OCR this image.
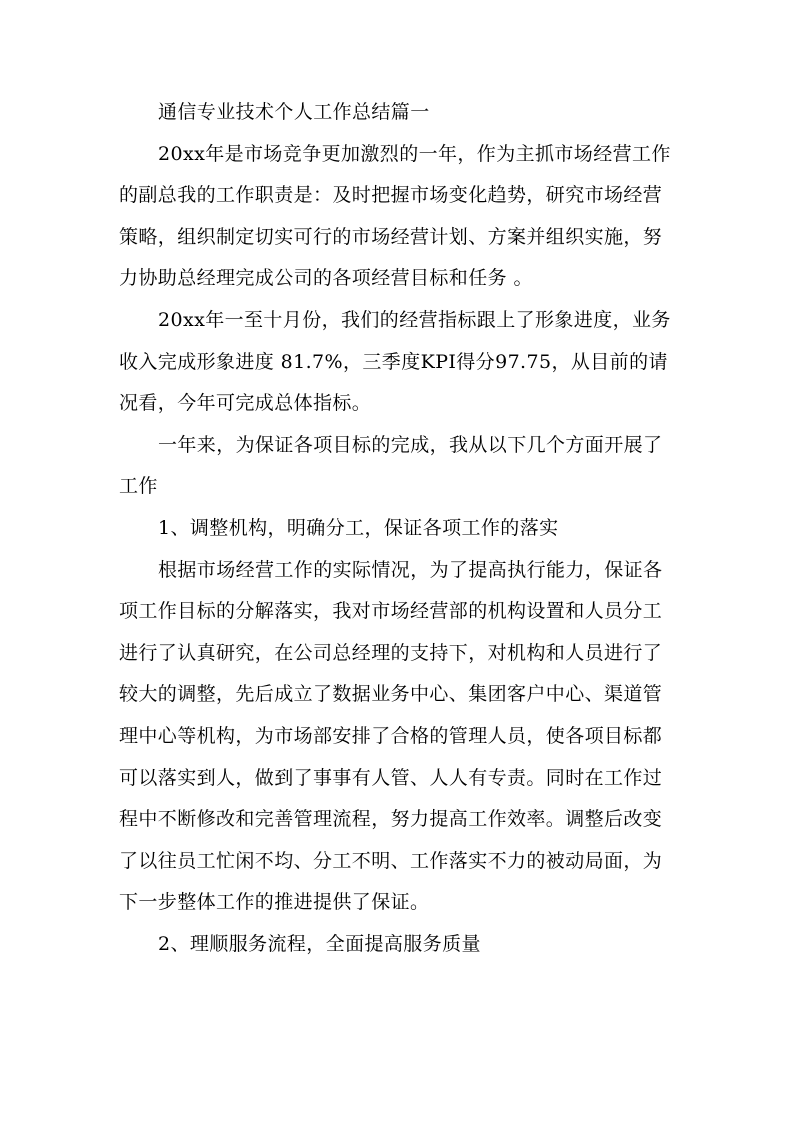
通信专业技术个人工作总结篇一

20xx年是市场竞争更加激烈的一年，作为主抓市场经营工作的副总我的工作职责是：及时把握市场变化趋势，研究市场经营策略，组织制定切实可行的市场经营计划、方案并组织实施，努力协助总经理完成公司的各项经营目标和任务 。

20xx年一至十月份，我们的经营指标跟上了形象进度，业务收入完成形象进度 81.7%，三季度KPI得分97.75，从目前的请况看，今年可完成总体指标。

一年来，为保证各项目标的完成，我从以下几个方面开展了工作

1、调整机构，明确分工，保证各项工作的落实

根据市场经营工作的实际情况，为了提高执行能力，保证各项工作目标的分解落实，我对市场经营部的机构设置和人员分工进行了认真研究，在公司总经理的支持下，对机构和人员进行了较大的调整，先后成立了数据业务中心、集团客户中心、渠道管理中心等机构，为市场部安排了合格的管理人员，使各项目标都可以落实到人，做到了事事有人管、人人有专责。同时在工作过程中不断修改和完善管理流程，努力提高工作效率。调整后改变了以往员工忙闲不均、分工不明、工作落实不力的被动局面，为下一步整体工作的推进提供了保证。

2、理顺服务流程，全面提高服务质量
